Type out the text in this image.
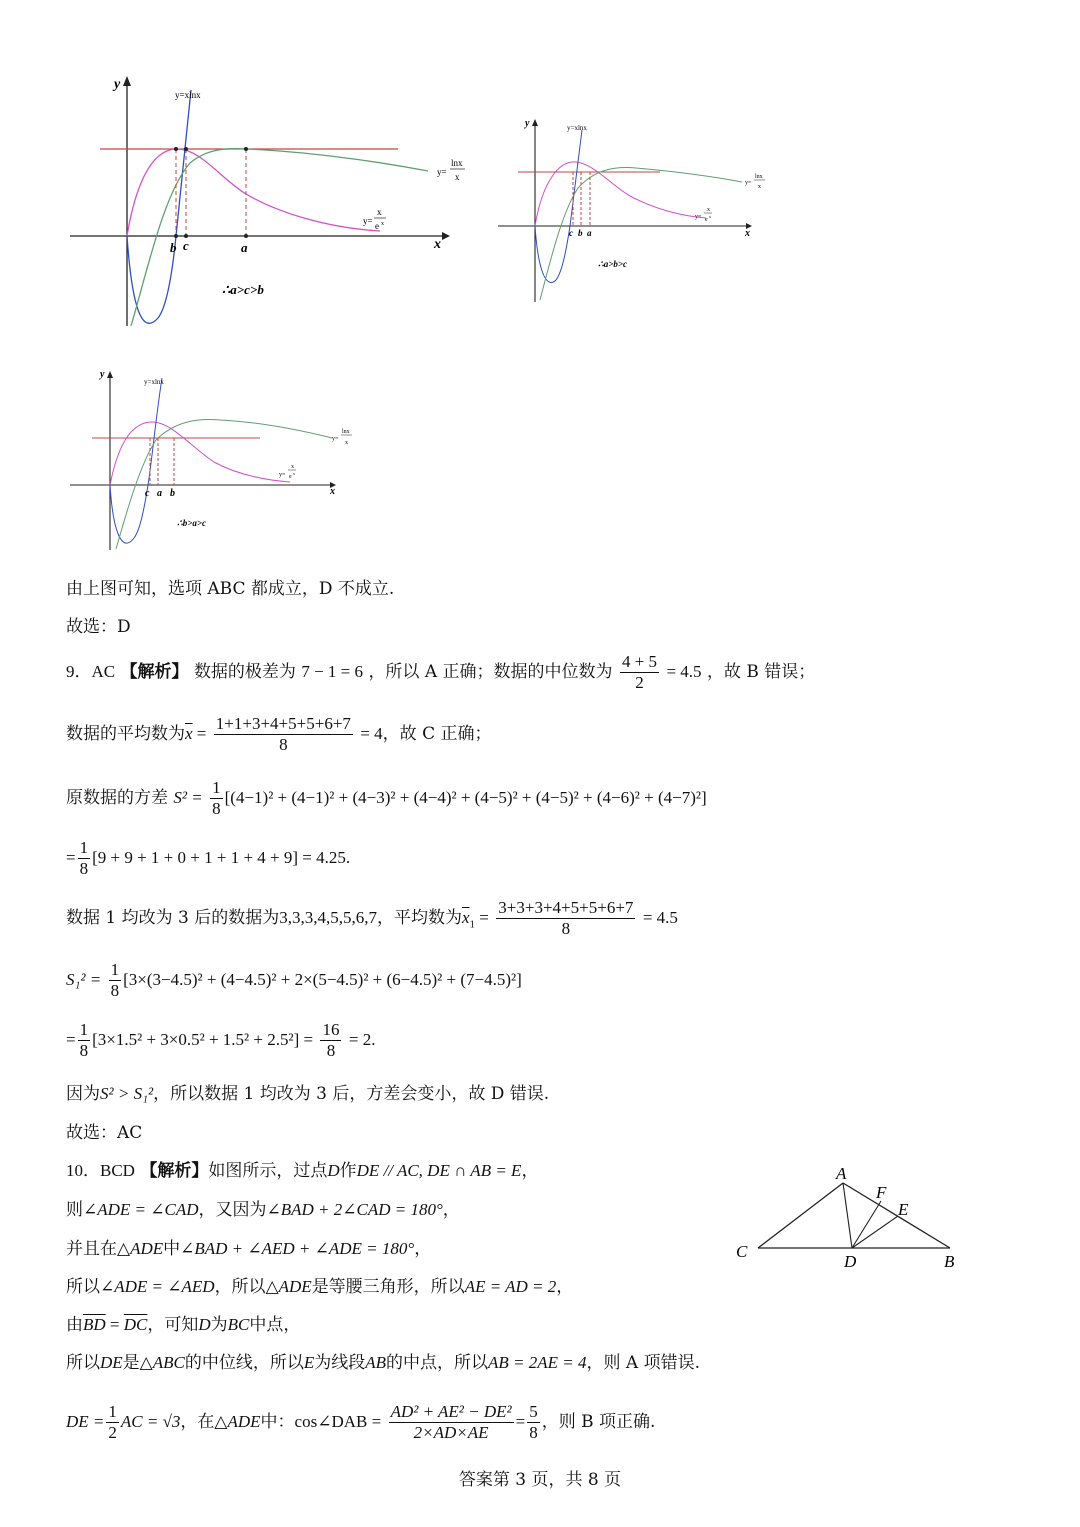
y
x
b c	a
y=xlnx
y=
lnx
x
y=
x
e x
∴a>c>b
y
x
c b a
y=xlnx
y=
lnx
x
y=
x
e
x
∴a>b>c
y
x
c a b
y=xlnx
y=
lnx
x
y=
x
e
x
∴b>a>c
由上图可知，选项 ABC 都成立，D 不成立.
故选：D
9．AC 【解析】 数据的极差为 7 − 1 = 6 ，所以 A 正确；数据的中位数为 $\frac{4 + 5}{2} = 4.5$ ，故 B 错误；
数据的平均数为$\overline{x} = \frac{1+1+3+4+5+5+6+7}{8} = 4$，故 C 正确；
原数据的方差 $S^2 = \frac{1}{8} [(4-1)^2 + (4-1)^2 + (4-3)^2 + (4-4)^2 + (4-5)^2 + (4-5)^2 + (4-6)^2 + (4-7)^2]$
= $\frac{1}{8} [9 + 9 + 1 + 0 + 1 + 1 + 4 + 9] = 4.25$.
数据 1 均改为 3 后的数据为3,3,3,4,5,5,6,7，平均数为$\overline{x}_1 = \frac{3+3+3+4+5+5+6+7}{8} = 4.5$
$S_1^2 = \frac{1}{8} [3\times(3-4.5)^2 + (4-4.5)^2 + 2\times(5-4.5)^2 + (6-4.5)^2 + (7-4.5)^2]$
= $\frac{1}{8} [3\times 1.5^2 + 3\times 0.5^2 + 1.5^2 + 2.5^2] = \frac{16}{8} = 2$.
因为S² > S₁²，所以数据 1 均改为 3 后，方差会变小，故 D 错误.
故选：AC
10．BCD 【解析】如图所示，过点D作DE // AC, DE ∩ AB = E，
则∠ADE = ∠CAD，又因为∠BAD + 2∠CAD = 180°，
并且在△ADE中∠BAD + ∠AED + ∠ADE = 180°，
所以∠ADE = ∠AED，所以△ADE是等腰三角形，所以AE = AD = 2，
由$\overline{BD} = \overline{DC}$，可知D为BC中点，
所以DE是△ABC的中位线，所以E为线段AB的中点，所以AB = 2AE = 4，则 A 项错误.
DE = $\frac{1}{2}$ AC = √3，在△ADE中：cos∠DAB = $\frac{\text{AD² + AE² − DE²}}{2\times AD\times AE} = \frac{5}{8}$ ，则 B 项正确.
A
F
E
C
D	B
答案第 3 页，共 8 页
